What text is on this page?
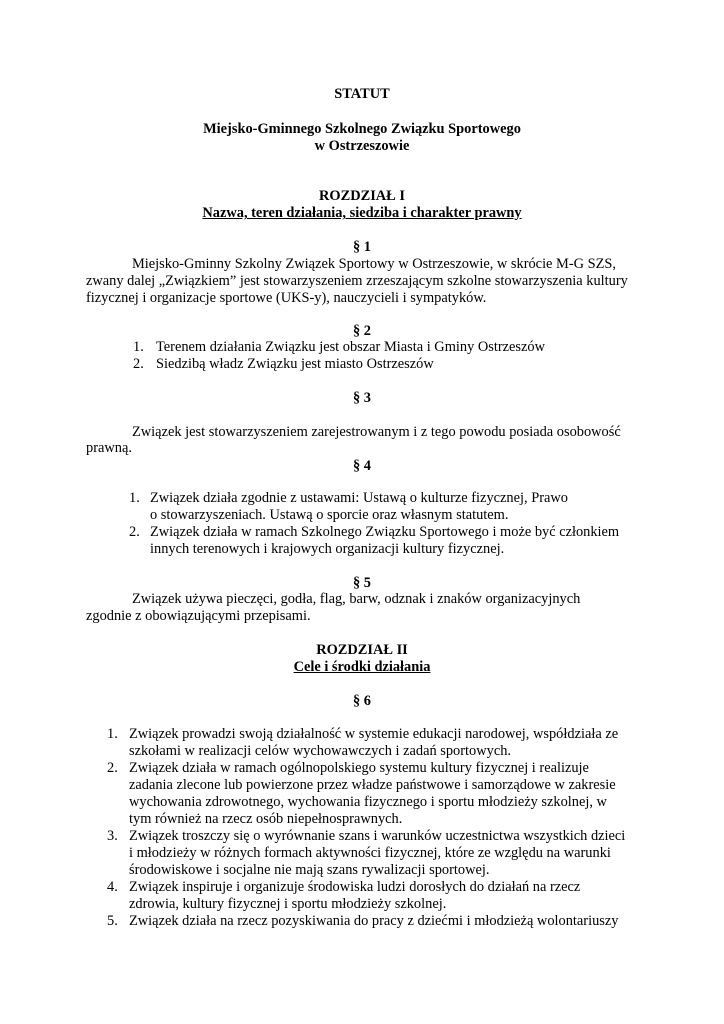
STATUT
Miejsko-Gminnego Szkolnego Związku Sportowego
w Ostrzeszowie
ROZDZIAŁ I
Nazwa, teren działania, siedziba i charakter prawny
§ 1
Miejsko-Gminny Szkolny Związek Sportowy w Ostrzeszowie, w skrócie M-G SZS,
zwany dalej „Związkiem” jest stowarzyszeniem zrzeszającym szkolne stowarzyszenia kultury
fizycznej i organizacje sportowe (UKS-y), nauczycieli i sympatyków.
§ 2
1. Terenem działania Związku jest obszar Miasta i Gminy Ostrzeszów
2. Siedzibą władz Związku jest miasto Ostrzeszów
§ 3
Związek jest stowarzyszeniem zarejestrowanym i z tego powodu posiada osobowość
prawną.
§ 4
1. Związek działa zgodnie z ustawami: Ustawą o kulturze fizycznej, Prawo
o stowarzyszeniach. Ustawą o sporcie oraz własnym statutem.
2. Związek działa w ramach Szkolnego Związku Sportowego i może być członkiem
innych terenowych i krajowych organizacji kultury fizycznej.
§ 5
Związek używa pieczęci, godła, flag, barw, odznak i znaków organizacyjnych
zgodnie z obowiązującymi przepisami.
ROZDZIAŁ II
Cele i środki działania
§ 6
1. Związek prowadzi swoją działalność w systemie edukacji narodowej, współdziała ze
szkołami w realizacji celów wychowawczych i zadań sportowych.
2. Związek działa w ramach ogólnopolskiego systemu kultury fizycznej i realizuje
zadania zlecone lub powierzone przez władze państwowe i samorządowe w zakresie
wychowania zdrowotnego, wychowania fizycznego i sportu młodzieży szkolnej, w
tym również na rzecz osób niepełnosprawnych.
3. Związek troszczy się o wyrównanie szans i warunków uczestnictwa wszystkich dzieci
i młodzieży w różnych formach aktywności fizycznej, które ze względu na warunki
środowiskowe i socjalne nie mają szans rywalizacji sportowej.
4. Związek inspiruje i organizuje środowiska ludzi dorosłych do działań na rzecz
zdrowia, kultury fizycznej i sportu młodzieży szkolnej.
5. Związek działa na rzecz pozyskiwania do pracy z dziećmi i młodzieżą wolontariuszy
